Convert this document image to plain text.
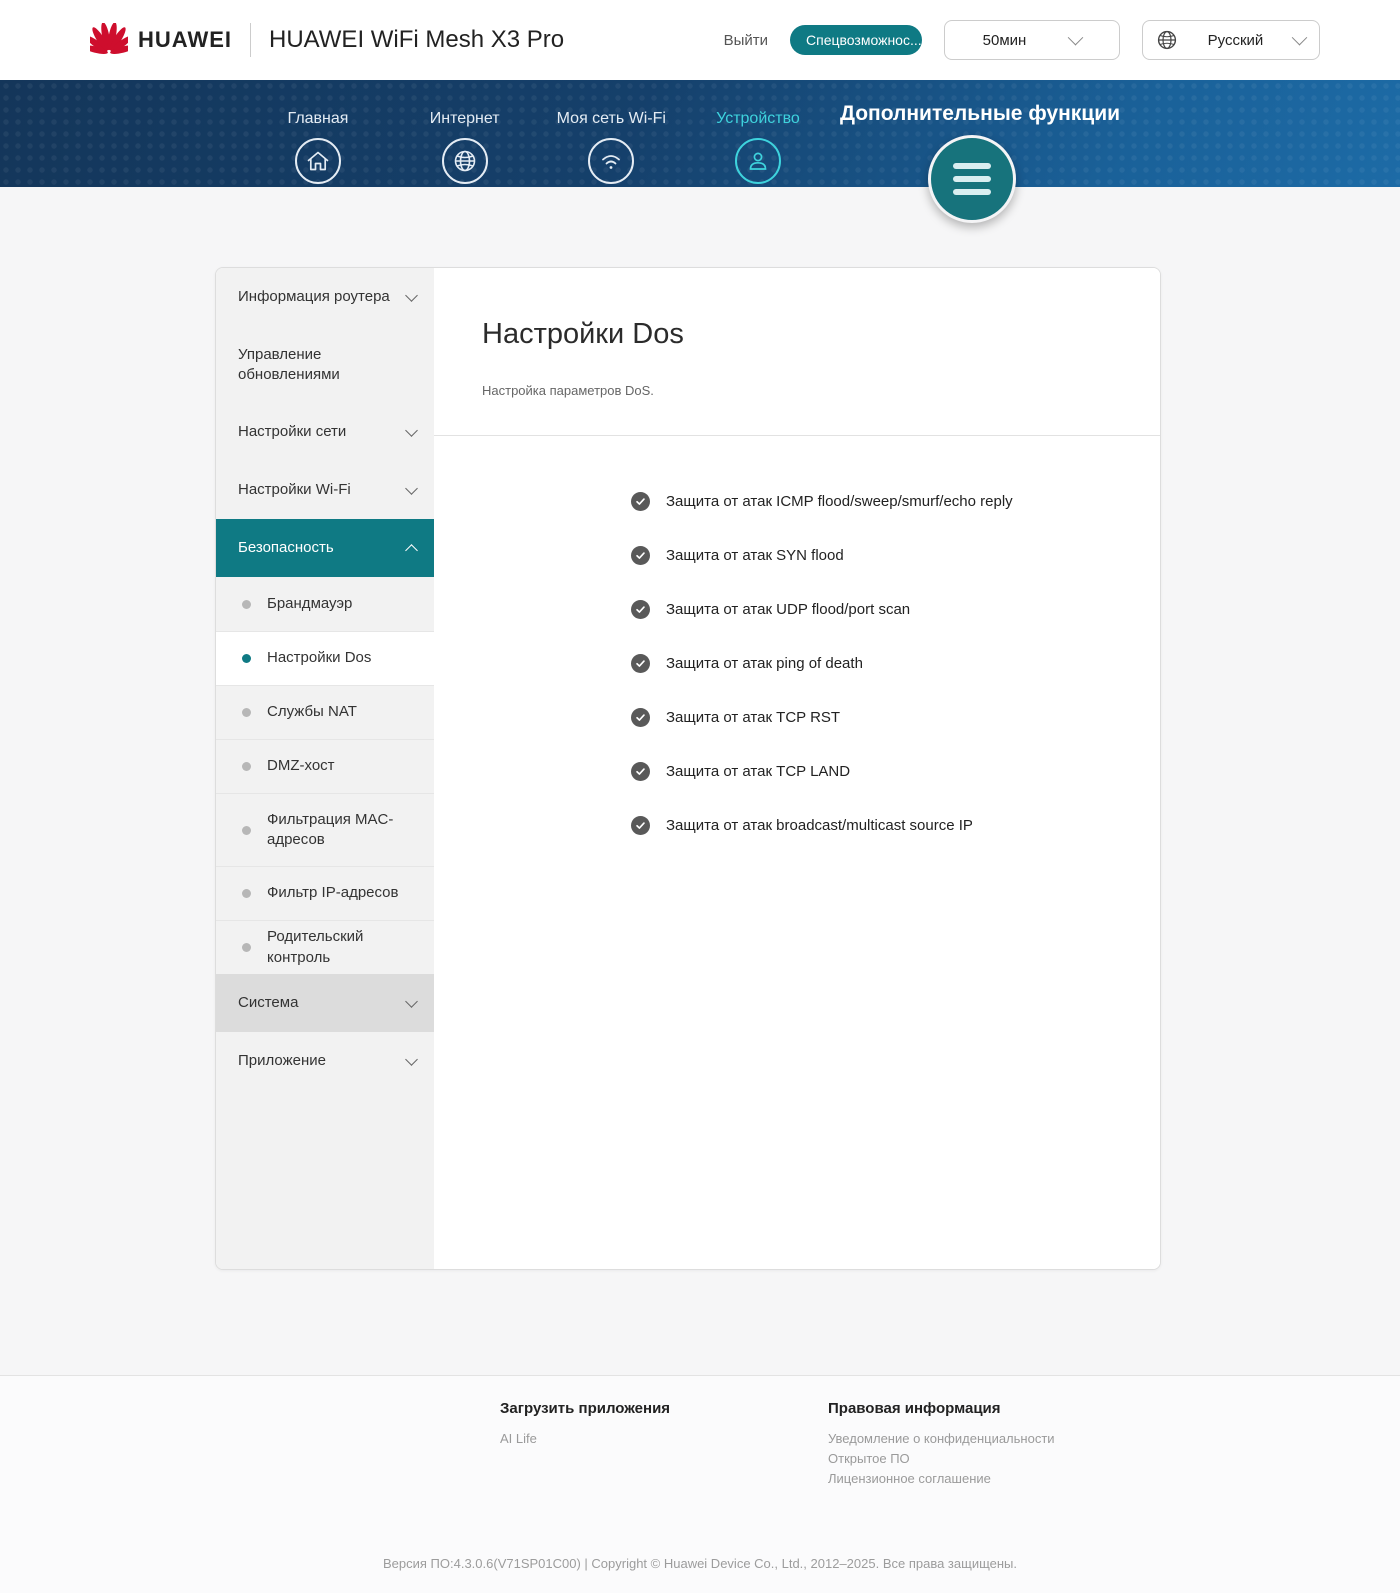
HUAWEI HUAWEI WiFi Mesh X3 Pro	Выйти	Спецвозможнос...	50мин	Русский
Главная	Интернет	Моя сеть Wi-Fi	Устройство Дополнительные функции
Информация роутера
Управление обновлениями
Настройки сети
Настройки Wi-Fi
Безопасность
Брандмауэр
Настройки Dos
Службы NAT
DMZ-хост
Фильтрация MAC-адресов
Фильтр IP-адресов
Родительский контроль
Система
Приложение
Настройки Dos
Настройка параметров DoS.
Защита от атак ICMP flood/sweep/smurf/echo reply
Защита от атак SYN flood
Защита от атак UDP flood/port scan
Защита от атак ping of death
Защита от атак TCP RST
Защита от атак TCP LAND
Защита от атак broadcast/multicast source IP
Загрузить приложения
AI Life
Правовая информация
Уведомление о конфиденциальности
Открытое ПО
Лицензионное соглашение
Версия ПО:4.3.0.6(V71SP01C00) | Copyright © Huawei Device Co., Ltd., 2012–2025. Все права защищены.
